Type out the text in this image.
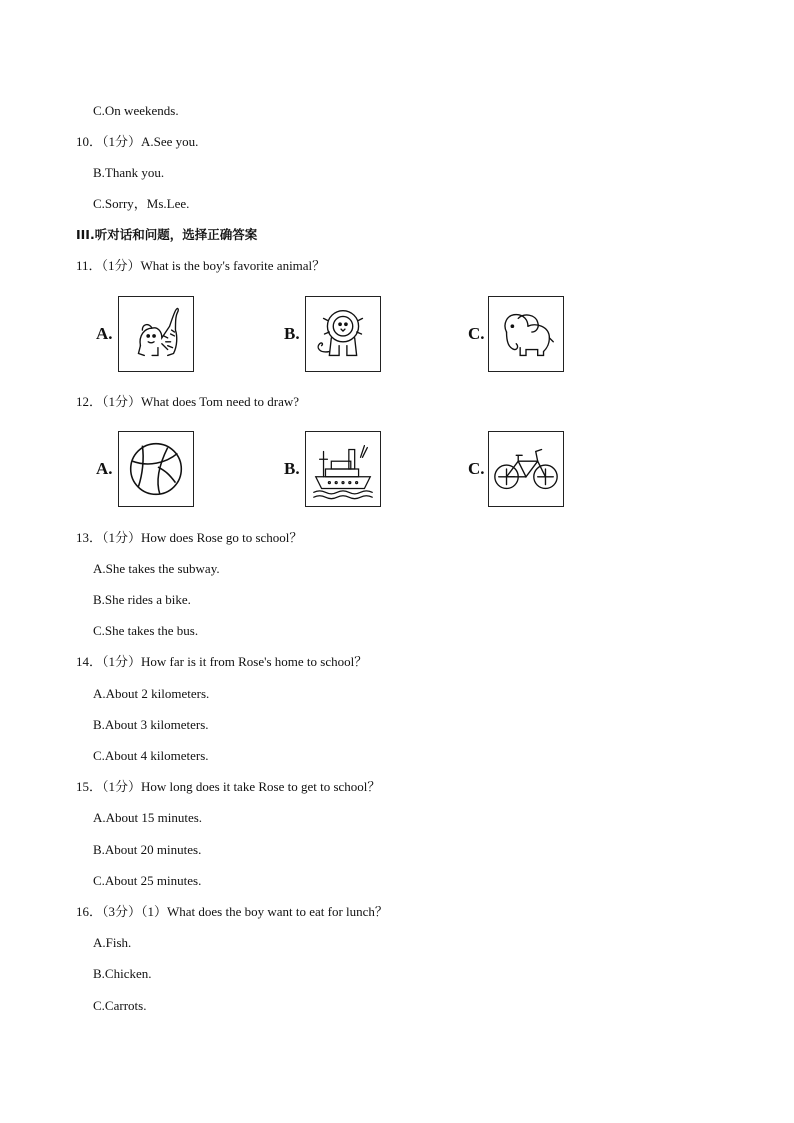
C.On weekends.
10．（1分）A.See you.
B.Thank you.
C.Sorry，Ms.Lee.
III.听对话和问题，选择正确答案
11．（1分）What is the boy's favorite animal？
A.	B.	C.
12．（1分）What does Tom need to draw?
A.	B.	C.
13．（1分）How does Rose go to school？
A.She takes the subway.
B.She rides a bike.
C.She takes the bus.
14．（1分）How far is it from Rose's home to school？
A.About 2 kilometers.
B.About 3 kilometers.
C.About 4 kilometers.
15．（1分）How long does it take Rose to get to school？
A.About 15 minutes.
B.About 20 minutes.
C.About 25 minutes.
16．（3分）（1）What does the boy want to eat for lunch？
A.Fish.
B.Chicken.
C.Carrots.
